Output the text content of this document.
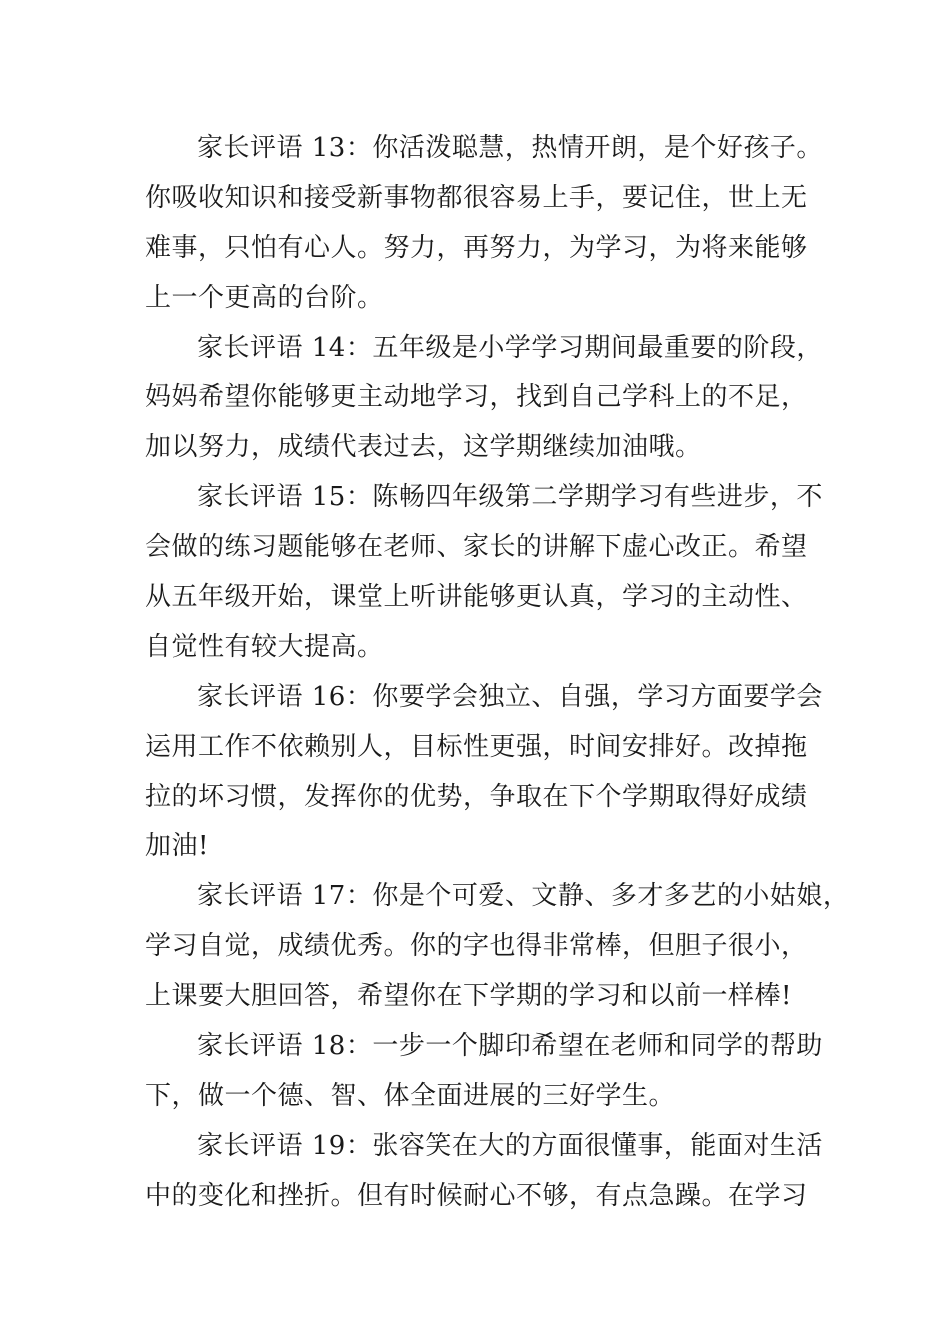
家长评语 13：你活泼聪慧，热情开朗，是个好孩子。
你吸收知识和接受新事物都很容易上手，要记住，世上无
难事，只怕有心人。努力，再努力，为学习，为将来能够
上一个更高的台阶。
家长评语 14：五年级是小学学习期间最重要的阶段，
妈妈希望你能够更主动地学习，找到自己学科上的不足，
加以努力，成绩代表过去，这学期继续加油哦。
家长评语 15：陈畅四年级第二学期学习有些进步，不
会做的练习题能够在老师、家长的讲解下虚心改正。希望
从五年级开始，课堂上听讲能够更认真，学习的主动性、
自觉性有较大提高。
家长评语 16：你要学会独立、自强，学习方面要学会
运用工作不依赖别人，目标性更强，时间安排好。改掉拖
拉的坏习惯，发挥你的优势，争取在下个学期取得好成绩
加油!
家长评语 17：你是个可爱、文静、多才多艺的小姑娘，
学习自觉，成绩优秀。你的字也得非常棒，但胆子很小，
上课要大胆回答，希望你在下学期的学习和以前一样棒!
家长评语 18：一步一个脚印希望在老师和同学的帮助
下，做一个德、智、体全面进展的三好学生。
家长评语 19：张容笑在大的方面很懂事，能面对生活
中的变化和挫折。但有时候耐心不够，有点急躁。在学习
